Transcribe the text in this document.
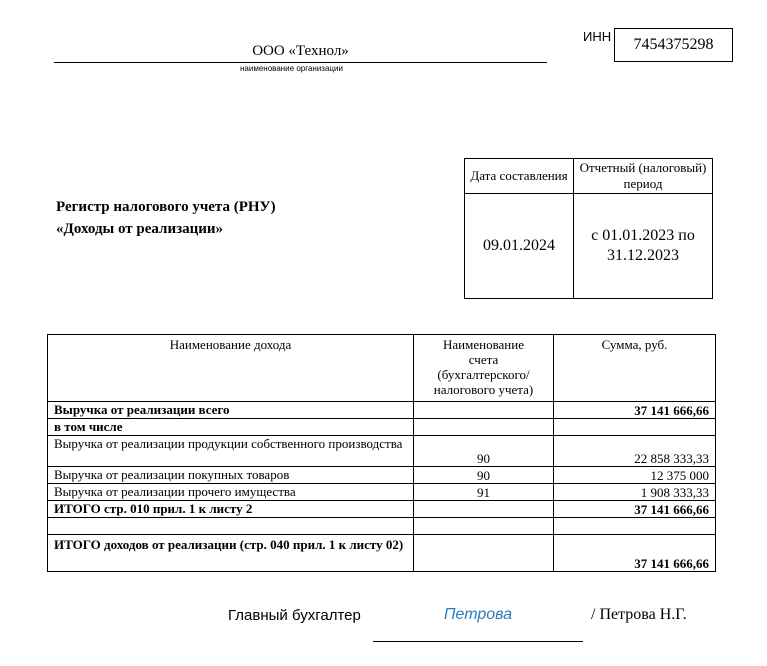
ООО «Технол»
наименование организации
ИНН	7454375298
Регистр налогового учета (РНУ)
«Доходы от реализации»
Дата составления	Отчетный (налоговый) период
09.01.2024	с 01.01.2023 по 31.12.2023
Наименование дохода	Наименование счета (бухгалтерского/ налогового учета)	Сумма, руб.
Выручка от реализации всего		37 141 666,66
в том числе		
Выручка от реализации продукции собственного производства	90	22 858 333,33
Выручка от реализации покупных товаров	90	12 375 000
Выручка от реализации прочего имущества	91	1 908 333,33
ИТОГО стр. 010 прил. 1 к листу 2		37 141 666,66

ИТОГО доходов от реализации (стр. 040 прил. 1 к листу 02)		37 141 666,66
Главный бухгалтер	Петрова	/ Петрова Н.Г.
